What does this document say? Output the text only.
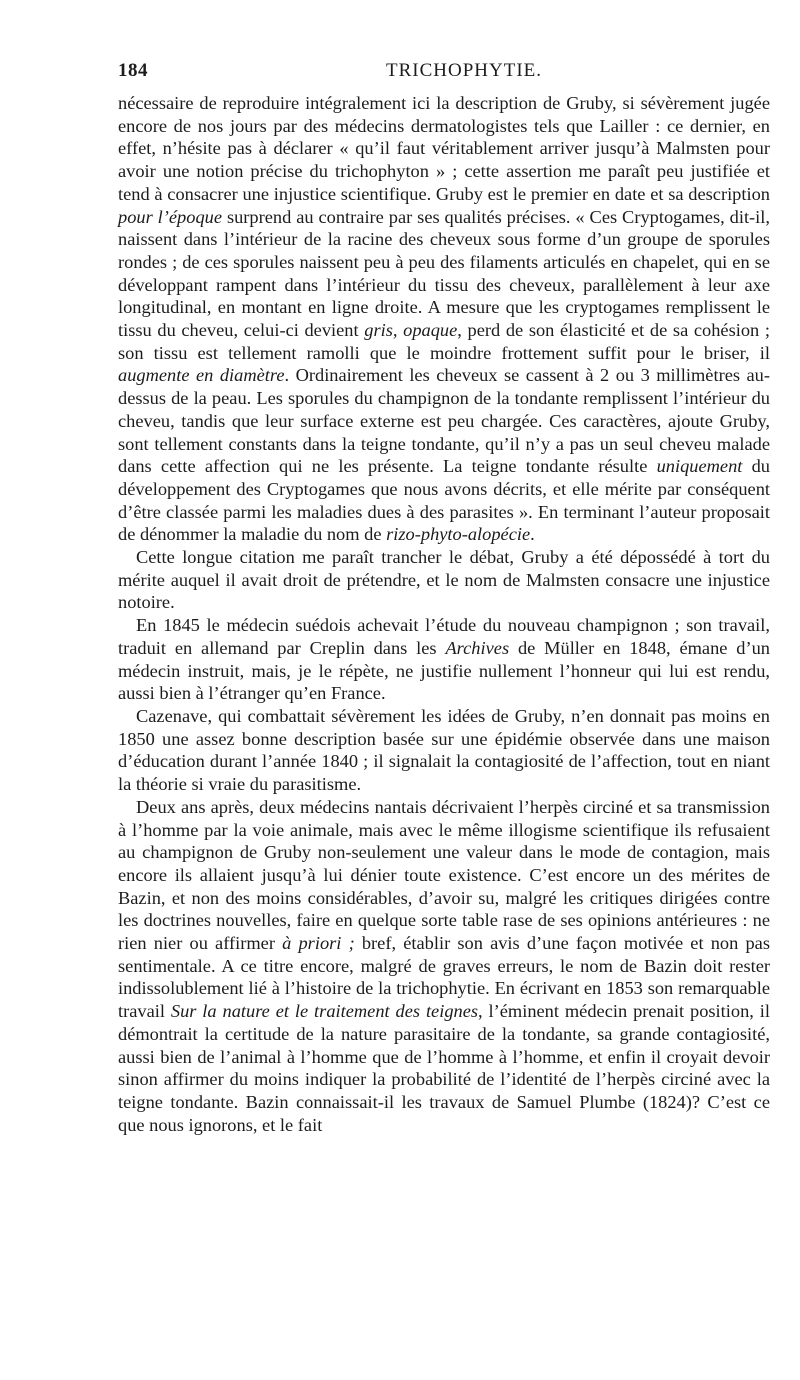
184	TRICHOPHYTIE.

nécessaire de reproduire intégralement ici la description de Gruby, si sévèrement jugée encore de nos jours par des médecins dermatologistes tels que Lailler : ce dernier, en effet, n’hésite pas à déclarer « qu’il faut véritablement arriver jusqu’à Malmsten pour avoir une notion précise du trichophyton » ; cette assertion me paraît peu justifiée et tend à consacrer une injustice scientifique. Gruby est le premier en date et sa description pour l’époque surprend au contraire par ses qualités précises. « Ces Cryptogames, dit-il, naissent dans l’intérieur de la racine des cheveux sous forme d’un groupe de sporules rondes ; de ces sporules naissent peu à peu des filaments articulés en chapelet, qui en se développant rampent dans l’intérieur du tissu des cheveux, parallèlement à leur axe longitudinal, en montant en ligne droite. A mesure que les cryptogames remplissent le tissu du cheveu, celui-ci devient gris, opaque, perd de son élasticité et de sa cohésion ; son tissu est tellement ramolli que le moindre frottement suffit pour le briser, il augmente en diamètre. Ordinairement les cheveux se cassent à 2 ou 3 millimètres au-dessus de la peau. Les sporules du champignon de la tondante remplissent l’intérieur du cheveu, tandis que leur surface externe est peu chargée. Ces caractères, ajoute Gruby, sont tellement constants dans la teigne tondante, qu’il n’y a pas un seul cheveu malade dans cette affection qui ne les présente. La teigne tondante résulte uniquement du développement des Cryptogames que nous avons décrits, et elle mérite par conséquent d’être classée parmi les maladies dues à des parasites ». En terminant l’auteur proposait de dénommer la maladie du nom de rizo-phyto-alopécie.

Cette longue citation me paraît trancher le débat, Gruby a été dépossédé à tort du mérite auquel il avait droit de prétendre, et le nom de Malmsten consacre une injustice notoire.

En 1845 le médecin suédois achevait l’étude du nouveau champignon ; son travail, traduit en allemand par Creplin dans les Archives de Müller en 1848, émane d’un médecin instruit, mais, je le répète, ne justifie nullement l’honneur qui lui est rendu, aussi bien à l’étranger qu’en France.

Cazenave, qui combattait sévèrement les idées de Gruby, n’en donnait pas moins en 1850 une assez bonne description basée sur une épidémie observée dans une maison d’éducation durant l’année 1840 ; il signalait la contagiosité de l’affection, tout en niant la théorie si vraie du parasitisme.

Deux ans après, deux médecins nantais décrivaient l’herpès circiné et sa transmission à l’homme par la voie animale, mais avec le même illogisme scientifique ils refusaient au champignon de Gruby non-seulement une valeur dans le mode de contagion, mais encore ils allaient jusqu’à lui dénier toute existence. C’est encore un des mérites de Bazin, et non des moins considérables, d’avoir su, malgré les critiques dirigées contre les doctrines nouvelles, faire en quelque sorte table rase de ses opinions antérieures : ne rien nier ou affirmer à priori ; bref, établir son avis d’une façon motivée et non pas sentimentale. A ce titre encore, malgré de graves erreurs, le nom de Bazin doit rester indissolublement lié à l’histoire de la trichophytie. En écrivant en 1853 son remarquable travail Sur la nature et le traitement des teignes, l’éminent médecin prenait position, il démontrait la certitude de la nature parasitaire de la tondante, sa grande contagiosité, aussi bien de l’animal à l’homme que de l’homme à l’homme, et enfin il croyait devoir sinon affirmer du moins indiquer la probabilité de l’identité de l’herpès circiné avec la teigne tondante. Bazin connaissait-il les travaux de Samuel Plumbe (1824)? C’est ce que nous ignorons, et le fait
